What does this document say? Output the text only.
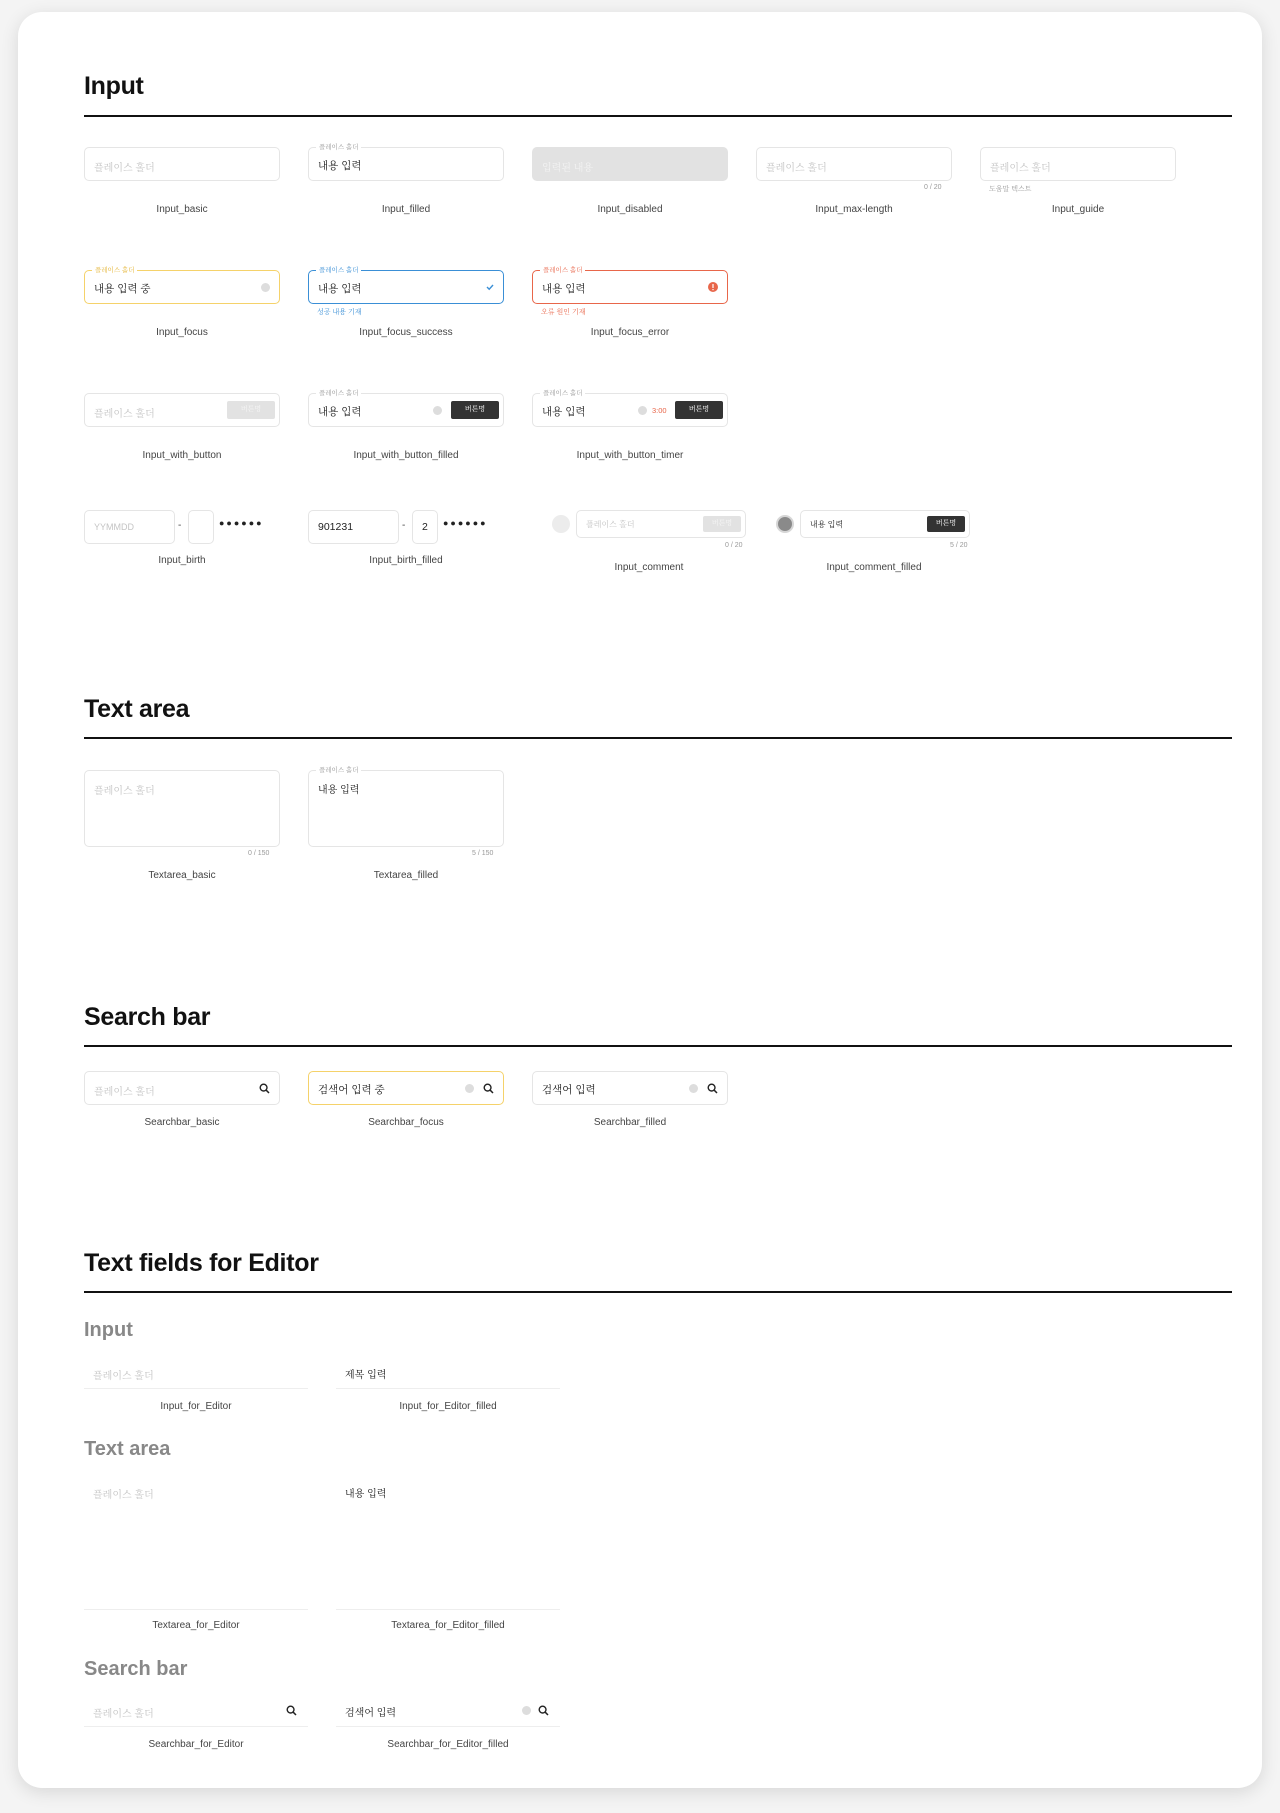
Input
플레이스 홀더
Input_basic
플레이스 홀더
내용 입력
Input_filled
입력된 내용
Input_disabled
플레이스 홀더
0 / 20
Input_max-length
플레이스 홀더
도움말 텍스트
Input_guide
플레이스 홀더
내용 입력 중
Input_focus
플레이스 홀더
내용 입력
성공 내용 기재
Input_focus_success
플레이스 홀더
내용 입력
오류 원인 기재
Input_focus_error
플레이스 홀더	버튼명
Input_with_button
플레이스 홀더
내용 입력	버튼명
Input_with_button_filled
플레이스 홀더
내용 입력	3:00	버튼명
Input_with_button_timer
YYMMDD	-	●●●●●●
Input_birth
901231	- 2 ●●●●●●
Input_birth_filled
플레이스 홀더	버튼명
0 / 20
Input_comment
내용 입력	버튼명
5 / 20
Input_comment_filled
Text area
플레이스 홀더
0 / 150
Textarea_basic
플레이스 홀더
내용 입력
5 / 150
Textarea_filled
Search bar
플레이스 홀더
Searchbar_basic
검색어 입력 중
Searchbar_focus
검색어 입력
Searchbar_filled
Text fields for Editor
Input
플레이스 홀더
Input_for_Editor
제목 입력
Input_for_Editor_filled
Text area
플레이스 홀더
Textarea_for_Editor
내용 입력
Textarea_for_Editor_filled
Search bar
플레이스 홀더
Searchbar_for_Editor
검색어 입력
Searchbar_for_Editor_filled
